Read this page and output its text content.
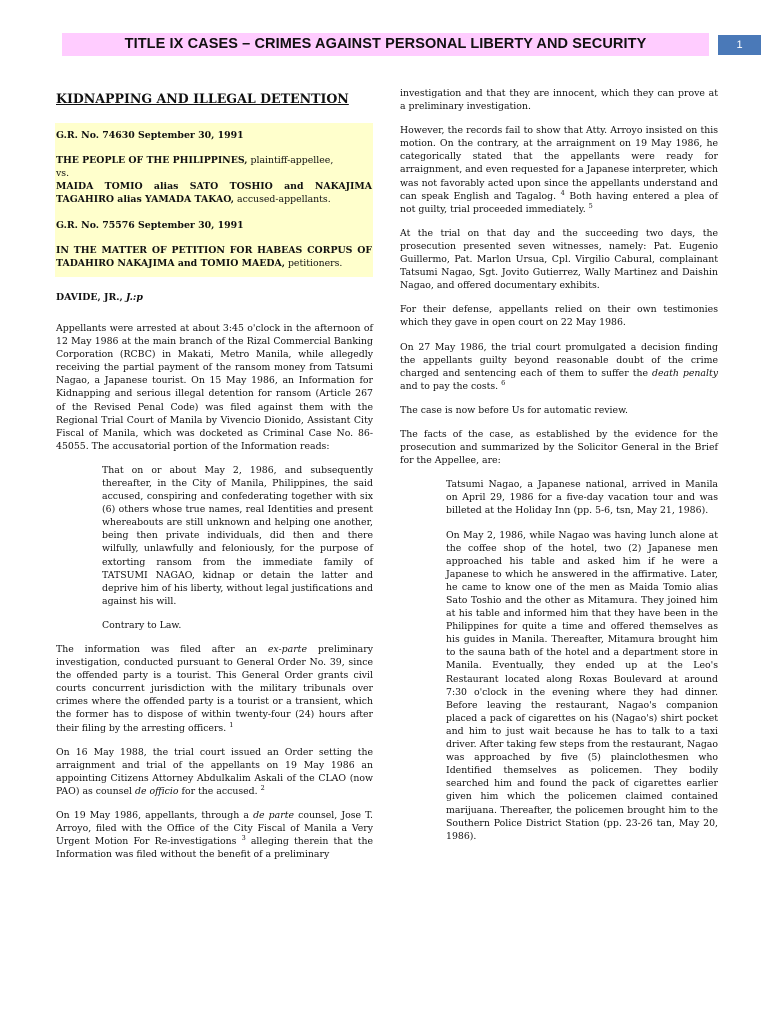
TITLE IX CASES – CRIMES AGAINST PERSONAL LIBERTY AND SECURITY	1

KIDNAPPING AND ILLEGAL DETENTION

G.R. No. 74630 September 30, 1991

THE PEOPLE OF THE PHILIPPINES, plaintiff-appellee,
vs.
MAIDA TOMIO alias SATO TOSHIO and NAKAJIMA TAGAHIRO alias YAMADA TAKAO, accused-appellants.

G.R. No. 75576 September 30, 1991

IN THE MATTER OF PETITION FOR HABEAS CORPUS OF TADAHIRO NAKAJIMA and TOMIO MAEDA, petitioners.

DAVIDE, JR., J.:p

Appellants were arrested at about 3:45 o'clock in the afternoon of 12 May 1986 at the main branch of the Rizal Commercial Banking Corporation (RCBC) in Makati, Metro Manila, while allegedly receiving the partial payment of the ransom money from Tatsumi Nagao, a Japanese tourist. On 15 May 1986, an Information for Kidnapping and serious illegal detention for ransom (Article 267 of the Revised Penal Code) was filed against them with the Regional Trial Court of Manila by Vivencio Dionido, Assistant City Fiscal of Manila, which was docketed as Criminal Case No. 86-45055. The accusatorial portion of the Information reads:

That on or about May 2, 1986, and subsequently thereafter, in the City of Manila, Philippines, the said accused, conspiring and confederating together with six (6) others whose true names, real Identities and present whereabouts are still unknown and helping one another, being then private individuals, did then and there wilfully, unlawfully and feloniously, for the purpose of extorting ransom from the immediate family of TATSUMI NAGAO, kidnap or detain the latter and deprive him of his liberty, without legal justifications and against his will.

Contrary to Law.

The information was filed after an ex-parte preliminary investigation, conducted pursuant to General Order No. 39, since the offended party is a tourist. This General Order grants civil courts concurrent jurisdiction with the military tribunals over crimes where the offended party is a tourist or a transient, which the former has to dispose of within twenty-four (24) hours after their filing by the arresting officers. $^1$

On 16 May 1988, the trial court issued an Order setting the arraignment and trial of the appellants on 19 May 1986 an appointing Citizens Attorney Abdulkalim Askali of the CLAO (now PAO) as counsel de officio for the accused. $^2$

On 19 May 1986, appellants, through a de parte counsel, Jose T. Arroyo, filed with the Office of the City Fiscal of Manila a Very Urgent Motion For Re-investigations $^3$ alleging therein that the Information was filed without the benefit of a preliminary

investigation and that they are innocent, which they can prove at a preliminary investigation.

However, the records fail to show that Atty. Arroyo insisted on this motion. On the contrary, at the arraignment on 19 May 1986, he categorically stated that the appellants were ready for arraignment, and even requested for a Japanese interpreter, which was not favorably acted upon since the appellants understand and can speak English and Tagalog. $^4$ Both having entered a plea of not guilty, trial proceeded immediately. $^5$

At the trial on that day and the succeeding two days, the prosecution presented seven witnesses, namely: Pat. Eugenio Guillermo, Pat. Marlon Ursua, Cpl. Virgilio Cabural, complainant Tatsumi Nagao, Sgt. Jovito Gutierrez, Wally Martinez and Daishin Nagao, and offered documentary exhibits.

For their defense, appellants relied on their own testimonies which they gave in open court on 22 May 1986.

On 27 May 1986, the trial court promulgated a decision finding the appellants guilty beyond reasonable doubt of the crime charged and sentencing each of them to suffer the death penalty and to pay the costs. $^6$

The case is now before Us for automatic review.

The facts of the case, as established by the evidence for the prosecution and summarized by the Solicitor General in the Brief for the Appellee, are:

Tatsumi Nagao, a Japanese national, arrived in Manila on April 29, 1986 for a five-day vacation tour and was billeted at the Holiday Inn (pp. 5-6, tsn, May 21, 1986).

On May 2, 1986, while Nagao was having lunch alone at the coffee shop of the hotel, two (2) Japanese men approached his table and asked him if he were a Japanese to which he answered in the affirmative. Later, he came to know one of the men as Maida Tomio alias Sato Toshio and the other as Mitamura. They joined him at his table and informed him that they have been in the Philippines for quite a time and offered themselves as his guides in Manila. Thereafter, Mitamura brought him to the sauna bath of the hotel and a department store in Manila. Eventually, they ended up at the Leo's Restaurant located along Roxas Boulevard at around 7:30 o'clock in the evening where they had dinner. Before leaving the restaurant, Nagao's companion placed a pack of cigarettes on his (Nagao's) shirt pocket and him to just wait because he has to talk to a taxi driver. After taking few steps from the restaurant, Nagao was approached by five (5) plainclothesmen who Identified themselves as policemen. They bodily searched him and found the pack of cigarettes earlier given him which the policemen claimed contained marijuana. Thereafter, the policemen brought him to the Southern Police District Station (pp. 23-26 tan, May 20, 1986).
